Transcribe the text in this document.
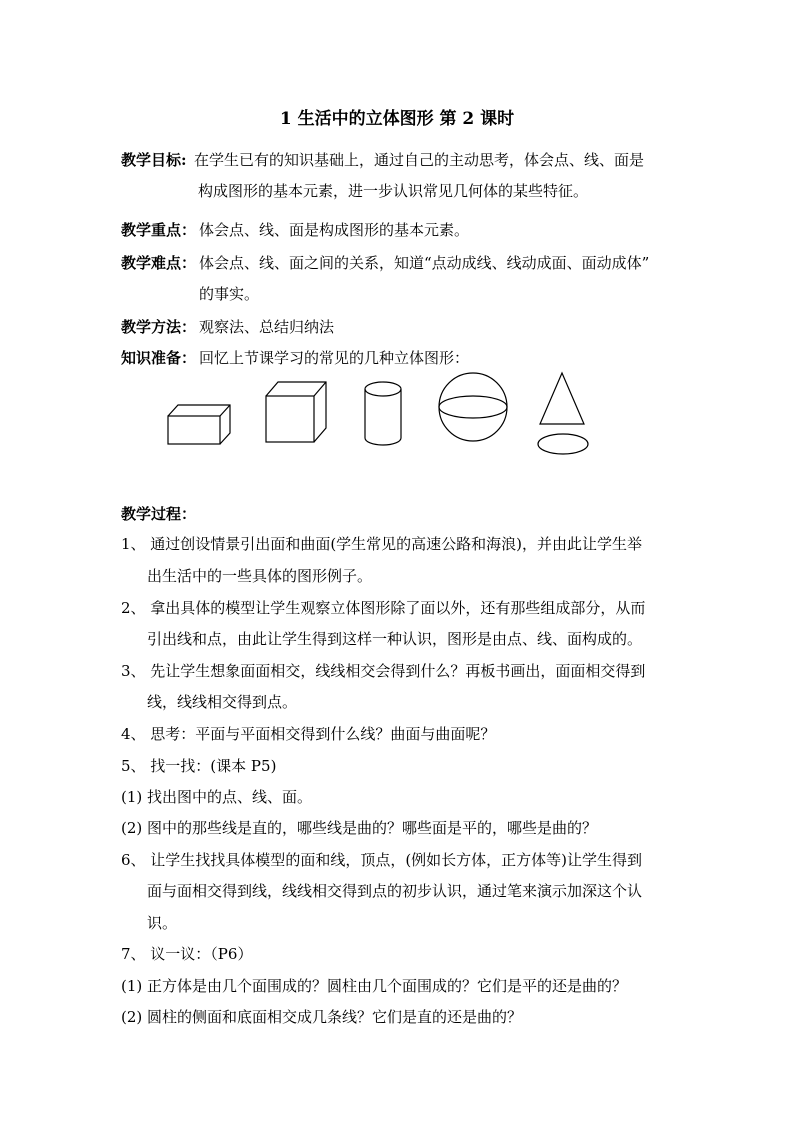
1 生活中的立体图形 第 2 课时
教学目标: 在学生已有的知识基础上，通过自己的主动思考，体会点、线、面是
构成图形的基本元素，进一步认识常见几何体的某些特征。
教学重点： 体会点、线、面是构成图形的基本元素。
教学难点： 体会点、线、面之间的关系，知道“点动成线、线动成面、面动成体”
的事实。
教学方法： 观察法、总结归纳法
知识准备： 回忆上节课学习的常见的几种立体图形：
教学过程：
1、 通过创设情景引出面和曲面(学生常见的高速公路和海浪)，并由此让学生举
出生活中的一些具体的图形例子。
2、 拿出具体的模型让学生观察立体图形除了面以外，还有那些组成部分，从而
引出线和点，由此让学生得到这样一种认识，图形是由点、线、面构成的。
3、 先让学生想象面面相交，线线相交会得到什么？再板书画出，面面相交得到
线，线线相交得到点。
4、 思考：平面与平面相交得到什么线？曲面与曲面呢？
5、 找一找：(课本 P5)
(1) 找出图中的点、线、面。
(2) 图中的那些线是直的，哪些线是曲的？哪些面是平的，哪些是曲的？
6、 让学生找找具体模型的面和线，顶点，(例如长方体，正方体等)让学生得到
面与面相交得到线，线线相交得到点的初步认识，通过笔来演示加深这个认
识。
7、 议一议：（P6）
(1) 正方体是由几个面围成的？圆柱由几个面围成的？它们是平的还是曲的？
(2) 圆柱的侧面和底面相交成几条线？它们是直的还是曲的？
